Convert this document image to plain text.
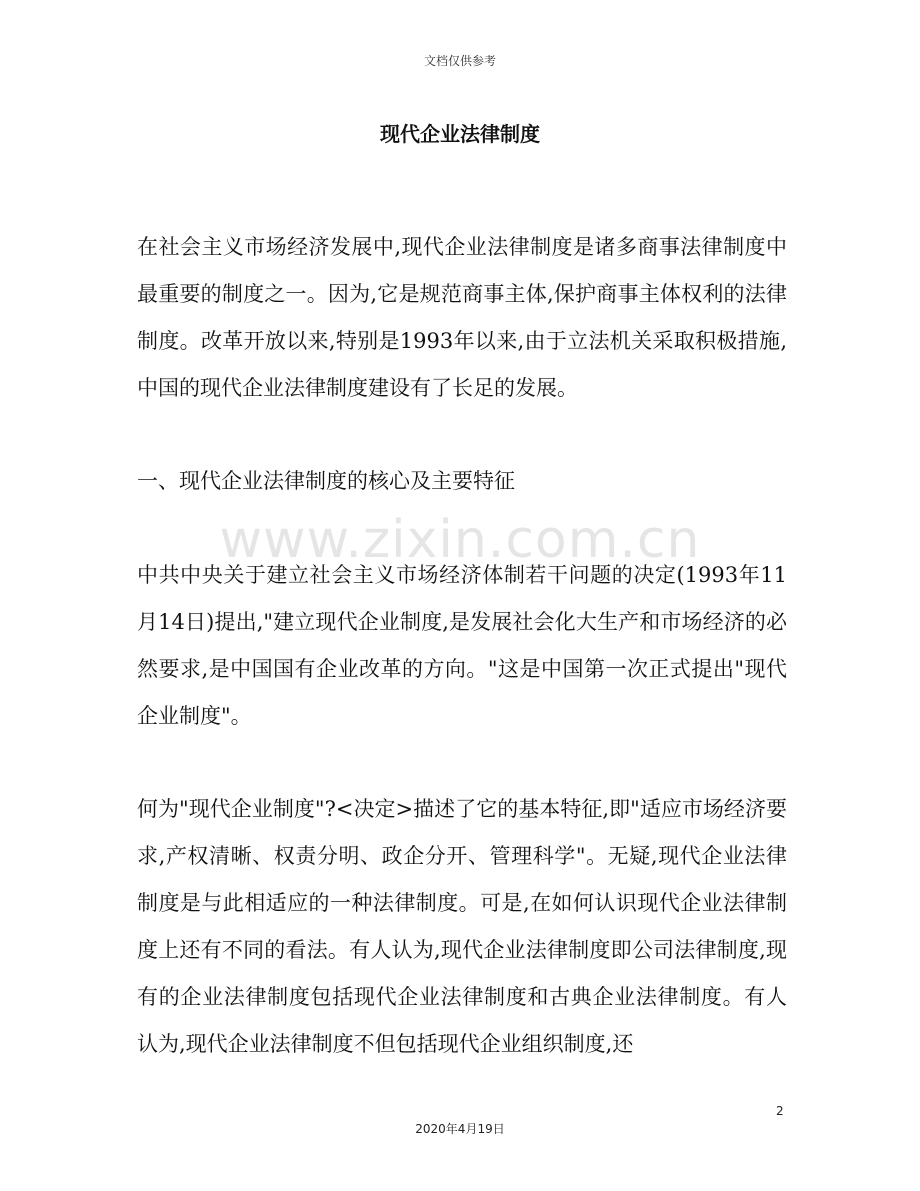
文档仅供参考
现代企业法律制度

在社会主义市场经济发展中,现代企业法律制度是诸多商事法律制度中最重要的制度之一。因为,它是规范商事主体,保护商事主体权利的法律制度。改革开放以来,特别是1993年以来,由于立法机关采取积极措施,中国的现代企业法律制度建设有了长足的发展。

一、现代企业法律制度的核心及主要特征

www.zixin.com.cn

中共中央关于建立社会主义市场经济体制若干问题的决定(1993年11月14日)提出,"建立现代企业制度,是发展社会化大生产和市场经济的必然要求,是中国国有企业改革的方向。"这是中国第一次正式提出"现代企业制度"。

何为"现代企业制度"?<决定>描述了它的基本特征,即"适应市场经济要求,产权清晰、权责分明、政企分开、管理科学"。无疑,现代企业法律制度是与此相适应的一种法律制度。可是,在如何认识现代企业法律制度上还有不同的看法。有人认为,现代企业法律制度即公司法律制度,现有的企业法律制度包括现代企业法律制度和古典企业法律制度。有人认为,现代企业法律制度不但包括现代企业组织制度,还

2
2020年4月19日
